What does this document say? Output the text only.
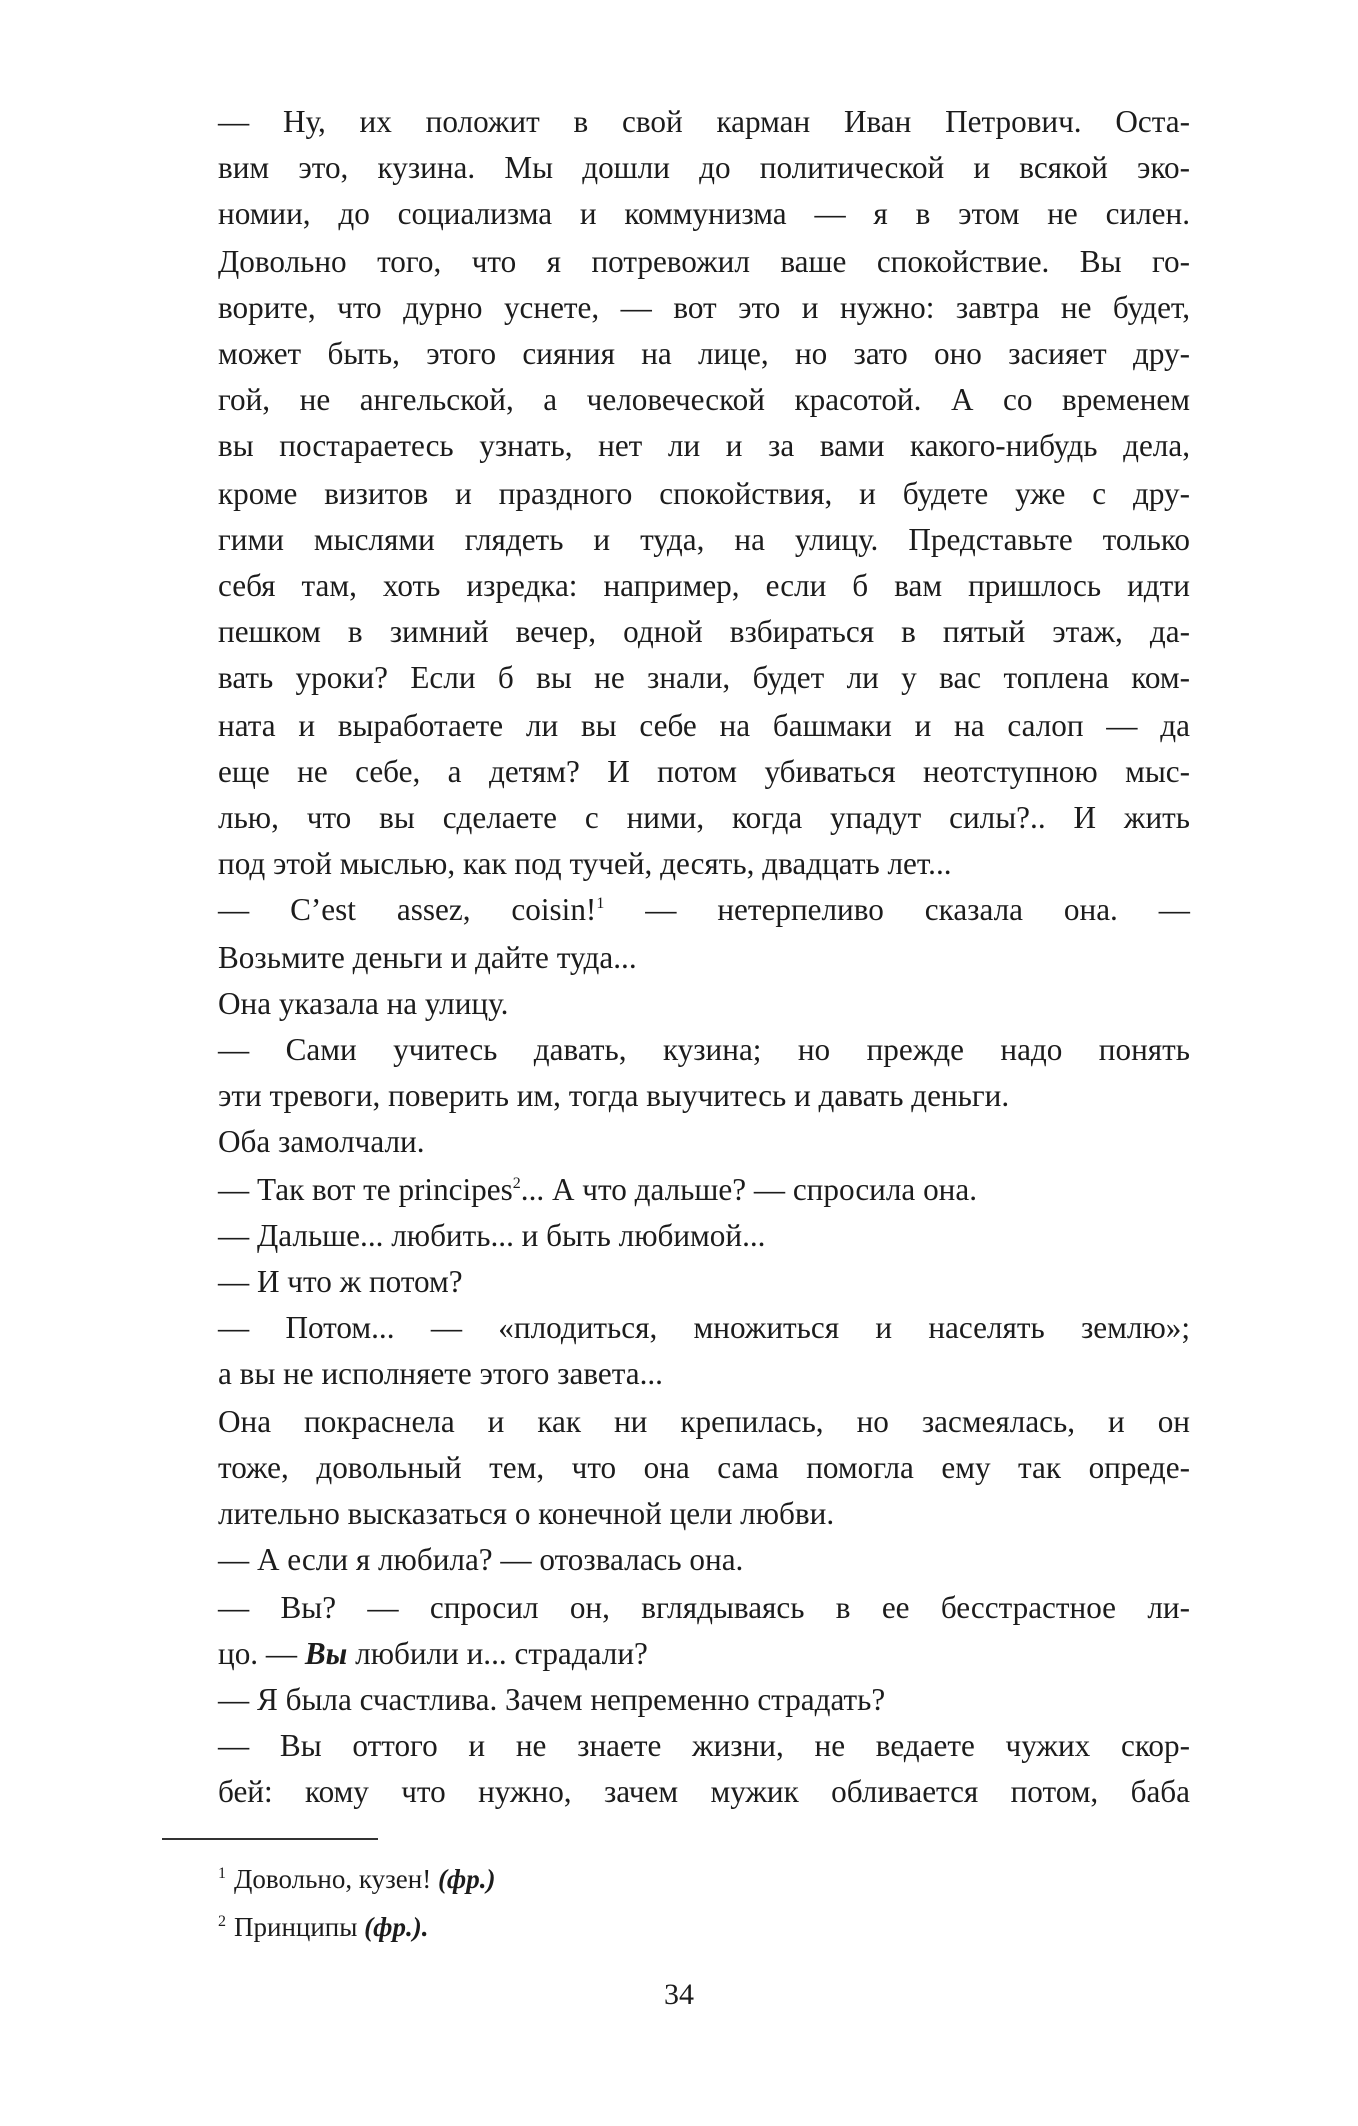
— Ну, их положит в свой карман Иван Петрович. Оста-
вим это, кузина. Мы дошли до политической и всякой эко-
номии, до социализма и коммунизма — я в этом не силен.
Довольно того, что я потревожил ваше спокойствие. Вы го-
ворите, что дурно уснете, — вот это и нужно: завтра не будет,
может быть, этого сияния на лице, но зато оно засияет дру-
гой, не ангельской, а человеческой красотой. А со временем
вы постараетесь узнать, нет ли и за вами какого-нибудь дела,
кроме визитов и праздного спокойствия, и будете уже с дру-
гими мыслями глядеть и туда, на улицу. Представьте только
себя там, хоть изредка: например, если б вам пришлось идти
пешком в зимний вечер, одной взбираться в пятый этаж, да-
вать уроки? Если б вы не знали, будет ли у вас топлена ком-
ната и выработаете ли вы себе на башмаки и на салоп — да
еще не себе, а детям? И потом убиваться неотступною мыс-
лью, что вы сделаете с ними, когда упадут силы?.. И жить
под этой мыслью, как под тучей, десять, двадцать лет...

— C’est assez, coisin!$^1$ — нетерпеливо сказала она. —
Возьмите деньги и дайте туда...

Она указала на улицу.

— Сами учитесь давать, кузина; но прежде надо понять
эти тревоги, поверить им, тогда выучитесь и давать деньги.

Оба замолчали.

— Так вот те principes$^2$... А что дальше? — спросила она.

— Дальше... любить... и быть любимой...

— И что ж потом?

— Потом... — «плодиться, множиться и населять землю»;
а вы не исполняете этого завета...

Она покраснела и как ни крепилась, но засмеялась, и он
тоже, довольный тем, что она сама помогла ему так опреде-
лительно высказаться о конечной цели любви.

— А если я любила? — отозвалась она.

— Вы? — спросил он, вглядываясь в ее бесстрастное ли-
цо. — Вы любили и... страдали?

— Я была счастлива. Зачем непременно страдать?

— Вы оттого и не знаете жизни, не ведаете чужих скор-
бей: кому что нужно, зачем мужик обливается потом, баба

$^1$ Довольно, кузен! (фр.)
$^2$ Принципы (фр.).
34
